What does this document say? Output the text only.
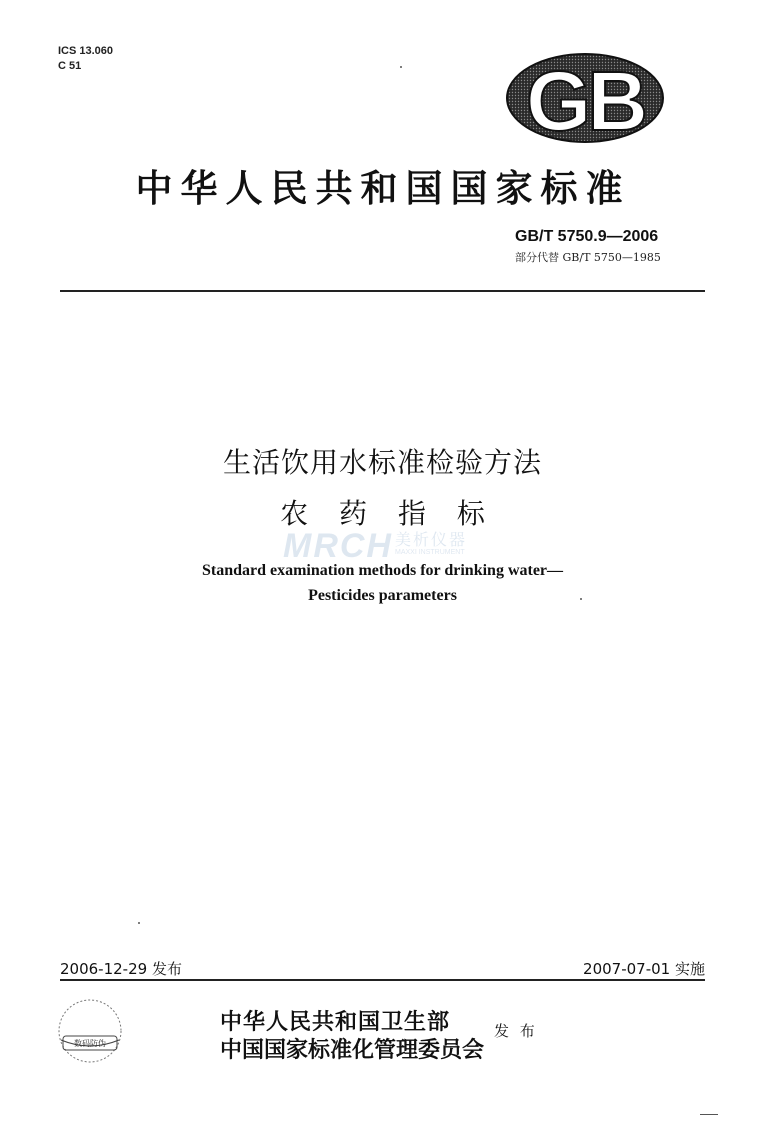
ICS 13.060
C 51	GB
中华人民共和国国家标准
GB/T 5750.9—2006
部分代替 GB/T 5750—1985
生活饮用水标准检验方法
农 药 指 标
MRCH 美析仪器
MAXXI INSTRUMENT
Standard examination methods for drinking water—
Pesticides parameters
2006-12-29 发布	2007-07-01 实施
数码防伪
中华人民共和国卫生部
中国国家标准化管理委员会
发 布
